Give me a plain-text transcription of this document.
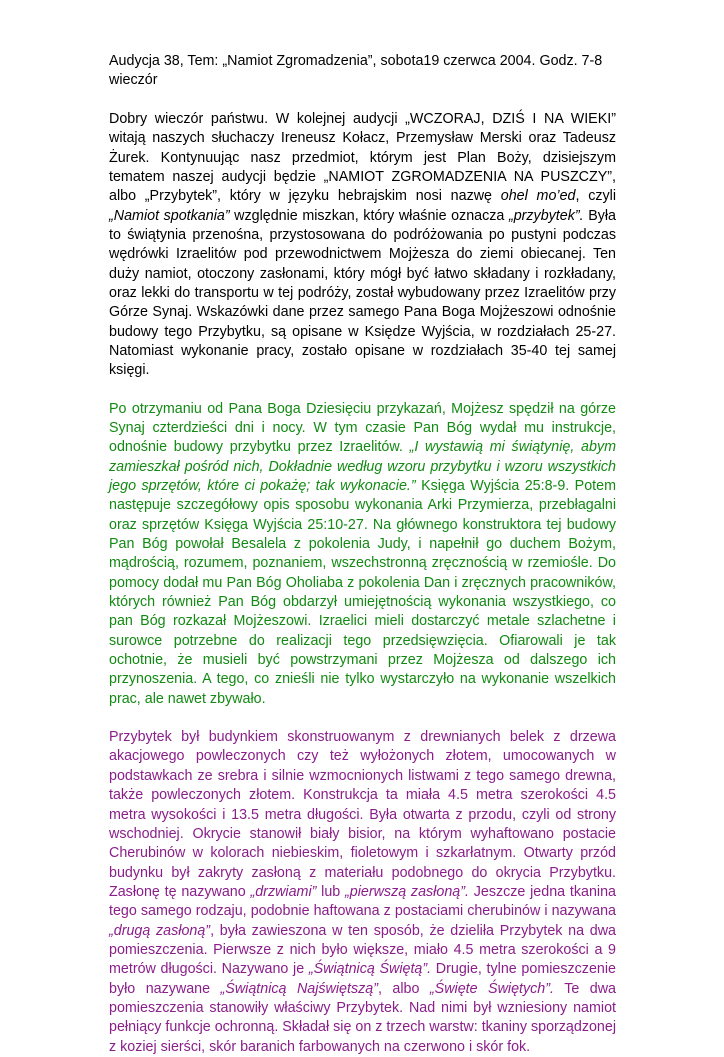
Audycja 38, Tem: „Namiot Zgromadzenia”, sobota19 czerwca 2004. Godz. 7-8 wieczór

Dobry wieczór państwu. W kolejnej audycji „WCZORAJ, DZIŚ I NA WIEKI” witają naszych słuchaczy Ireneusz Kołacz, Przemysław Merski oraz Tadeusz Żurek. Kontynuując nasz przedmiot, którym jest Plan Boży, dzisiejszym tematem naszej audycji będzie „NAMIOT ZGROMADZENIA NA PUSZCZY”, albo „Przybytek”, który w języku hebrajskim nosi nazwę ohel mo’ed, czyli „Namiot spotkania” względnie miszkan, który właśnie oznacza „przybytek”. Była to świątynia przenośna, przystosowana do podróżowania po pustyni podczas wędrówki Izraelitów pod przewodnictwem Mojżesza do ziemi obiecanej. Ten duży namiot, otoczony zasłonami, który mógł być łatwo składany i rozkładany, oraz lekki do transportu w tej podróży, został wybudowany przez Izraelitów przy Górze Synaj. Wskazówki dane przez samego Pana Boga Mojżeszowi odnośnie budowy tego Przybytku, są opisane w Księdze Wyjścia, w rozdziałach 25-27. Natomiast wykonanie pracy, zostało opisane w rozdziałach 35-40 tej samej księgi.

Po otrzymaniu od Pana Boga Dziesięciu przykazań, Mojżesz spędził na górze Synaj czterdzieści dni i nocy. W tym czasie Pan Bóg wydał mu instrukcje, odnośnie budowy przybytku przez Izraelitów. „I wystawią mi świątynię, abym zamieszkał pośród nich, Dokładnie według wzoru przybytku i wzoru wszystkich jego sprzętów, które ci pokażę; tak wykonacie.” Księga Wyjścia 25:8-9. Potem następuje szczegółowy opis sposobu wykonania Arki Przymierza, przebłagalni oraz sprzętów Księga Wyjścia 25:10-27. Na głównego konstruktora tej budowy Pan Bóg powołał Besalela z pokolenia Judy, i napełnił go duchem Bożym, mądrością, rozumem, poznaniem, wszechstronną zręcznością w rzemiośle. Do pomocy dodał mu Pan Bóg Oholiaba z pokolenia Dan i zręcznych pracowników, których również Pan Bóg obdarzył umiejętnością wykonania wszystkiego, co pan Bóg rozkazał Mojżeszowi. Izraelici mieli dostarczyć metale szlachetne i surowce potrzebne do realizacji tego przedsięwzięcia. Ofiarowali je tak ochotnie, że musieli być powstrzymani przez Mojżesza od dalszego ich przynoszenia. A tego, co znieśli nie tylko wystarczyło na wykonanie wszelkich prac, ale nawet zbywało.

Przybytek był budynkiem skonstruowanym z drewnianych belek z drzewa akacjowego powleczonych czy też wyłożonych złotem, umocowanych w podstawkach ze srebra i silnie wzmocnionych listwami z tego samego drewna, także powleczonych złotem. Konstrukcja ta miała 4.5 metra szerokości 4.5 metra wysokości i 13.5 metra długości. Była otwarta z przodu, czyli od strony wschodniej. Okrycie stanowił biały bisior, na którym wyhaftowano postacie Cherubinów w kolorach niebieskim, fioletowym i szkarłatnym. Otwarty przód budynku był zakryty zasłoną z materiału podobnego do okrycia Przybytku. Zasłonę tę nazywano „drzwiami” lub „pierwszą zasłoną”. Jeszcze jedna tkanina tego samego rodzaju, podobnie haftowana z postaciami cherubinów i nazywana „drugą zasłoną”, była zawieszona w ten sposób, że dzieliła Przybytek na dwa pomieszczenia. Pierwsze z nich było większe, miało 4.5 metra szerokości a 9 metrów długości. Nazywano je „Świątnicą Świętą”. Drugie, tylne pomieszczenie było nazywane „Świątnicą Najświętszą”, albo „Święte Świętych”. Te dwa pomieszczenia stanowiły właściwy Przybytek. Nad nimi był wzniesiony namiot pełniący funkcje ochronną. Składał się on z trzech warstw: tkaniny sporządzonej z koziej sierści, skór baranich farbowanych na czerwono i skór fok.
